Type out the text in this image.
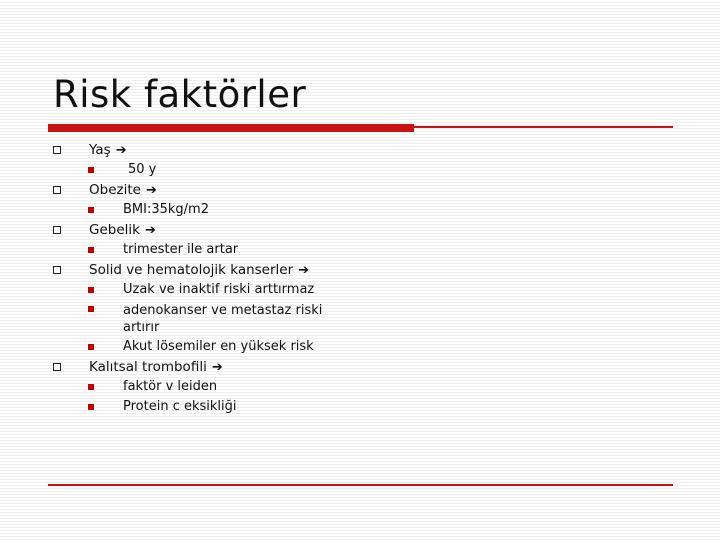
Risk faktörler
Yaş ➔
50 y
Obezite ➔
BMI:35kg/m2
Gebelik ➔
trimester ile artar
Solid ve hematolojik kanserler ➔
Uzak ve inaktif riski arttırmaz
adenokanser ve metastaz riski artırır
Akut lösemiler en yüksek risk
Kalıtsal trombofili ➔
faktör v leiden
Protein c eksikliği
